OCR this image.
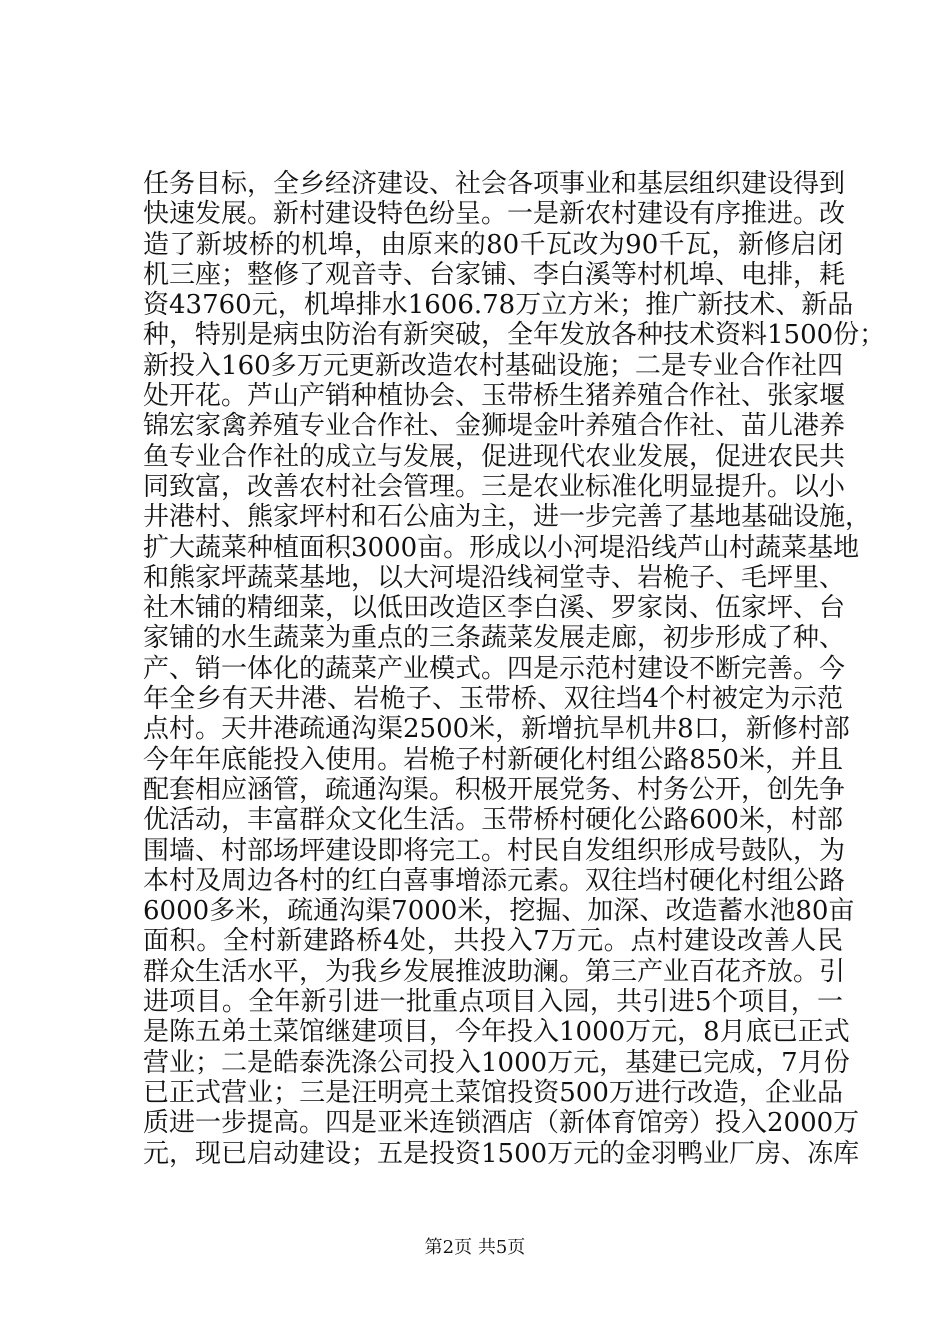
任务目标，全乡经济建设、社会各项事业和基层组织建设得到
快速发展。新村建设特色纷呈。一是新农村建设有序推进。改
造了新坡桥的机埠，由原来的80千瓦改为90千瓦，新修启闭
机三座；整修了观音寺、台家铺、李白溪等村机埠、电排，耗
资43760元，机埠排水1606.78万立方米；推广新技术、新品
种，特别是病虫防治有新突破，全年发放各种技术资料1500份；
新投入160多万元更新改造农村基础设施；二是专业合作社四
处开花。芦山产销种植协会、玉带桥生猪养殖合作社、张家堰
锦宏家禽养殖专业合作社、金狮堤金叶养殖合作社、苗儿港养
鱼专业合作社的成立与发展，促进现代农业发展，促进农民共
同致富，改善农村社会管理。三是农业标准化明显提升。以小
井港村、熊家坪村和石公庙为主，进一步完善了基地基础设施，
扩大蔬菜种植面积3000亩。形成以小河堤沿线芦山村蔬菜基地
和熊家坪蔬菜基地，以大河堤沿线祠堂寺、岩桅子、毛坪里、
社木铺的精细菜，以低田改造区李白溪、罗家岗、伍家坪、台
家铺的水生蔬菜为重点的三条蔬菜发展走廊，初步形成了种、
产、销一体化的蔬菜产业模式。四是示范村建设不断完善。今
年全乡有天井港、岩桅子、玉带桥、双往垱4个村被定为示范
点村。天井港疏通沟渠2500米，新增抗旱机井8口，新修村部
今年年底能投入使用。岩桅子村新硬化村组公路850米，并且
配套相应涵管，疏通沟渠。积极开展党务、村务公开，创先争
优活动，丰富群众文化生活。玉带桥村硬化公路600米，村部
围墙、村部场坪建设即将完工。村民自发组织形成号鼓队，为
本村及周边各村的红白喜事增添元素。双往垱村硬化村组公路
6000多米，疏通沟渠7000米，挖掘、加深、改造蓄水池80亩
面积。全村新建路桥4处，共投入7万元。点村建设改善人民
群众生活水平，为我乡发展推波助澜。第三产业百花齐放。引
进项目。全年新引进一批重点项目入园，共引进5个项目，一
是陈五弟土菜馆继建项目，今年投入1000万元，8月底已正式
营业；二是皓泰洗涤公司投入1000万元，基建已完成，7月份
已正式营业；三是汪明亮土菜馆投资500万进行改造，企业品
质进一步提高。四是亚米连锁酒店（新体育馆旁）投入2000万
元，现已启动建设；五是投资1500万元的金羽鸭业厂房、冻库
第2页 共5页
